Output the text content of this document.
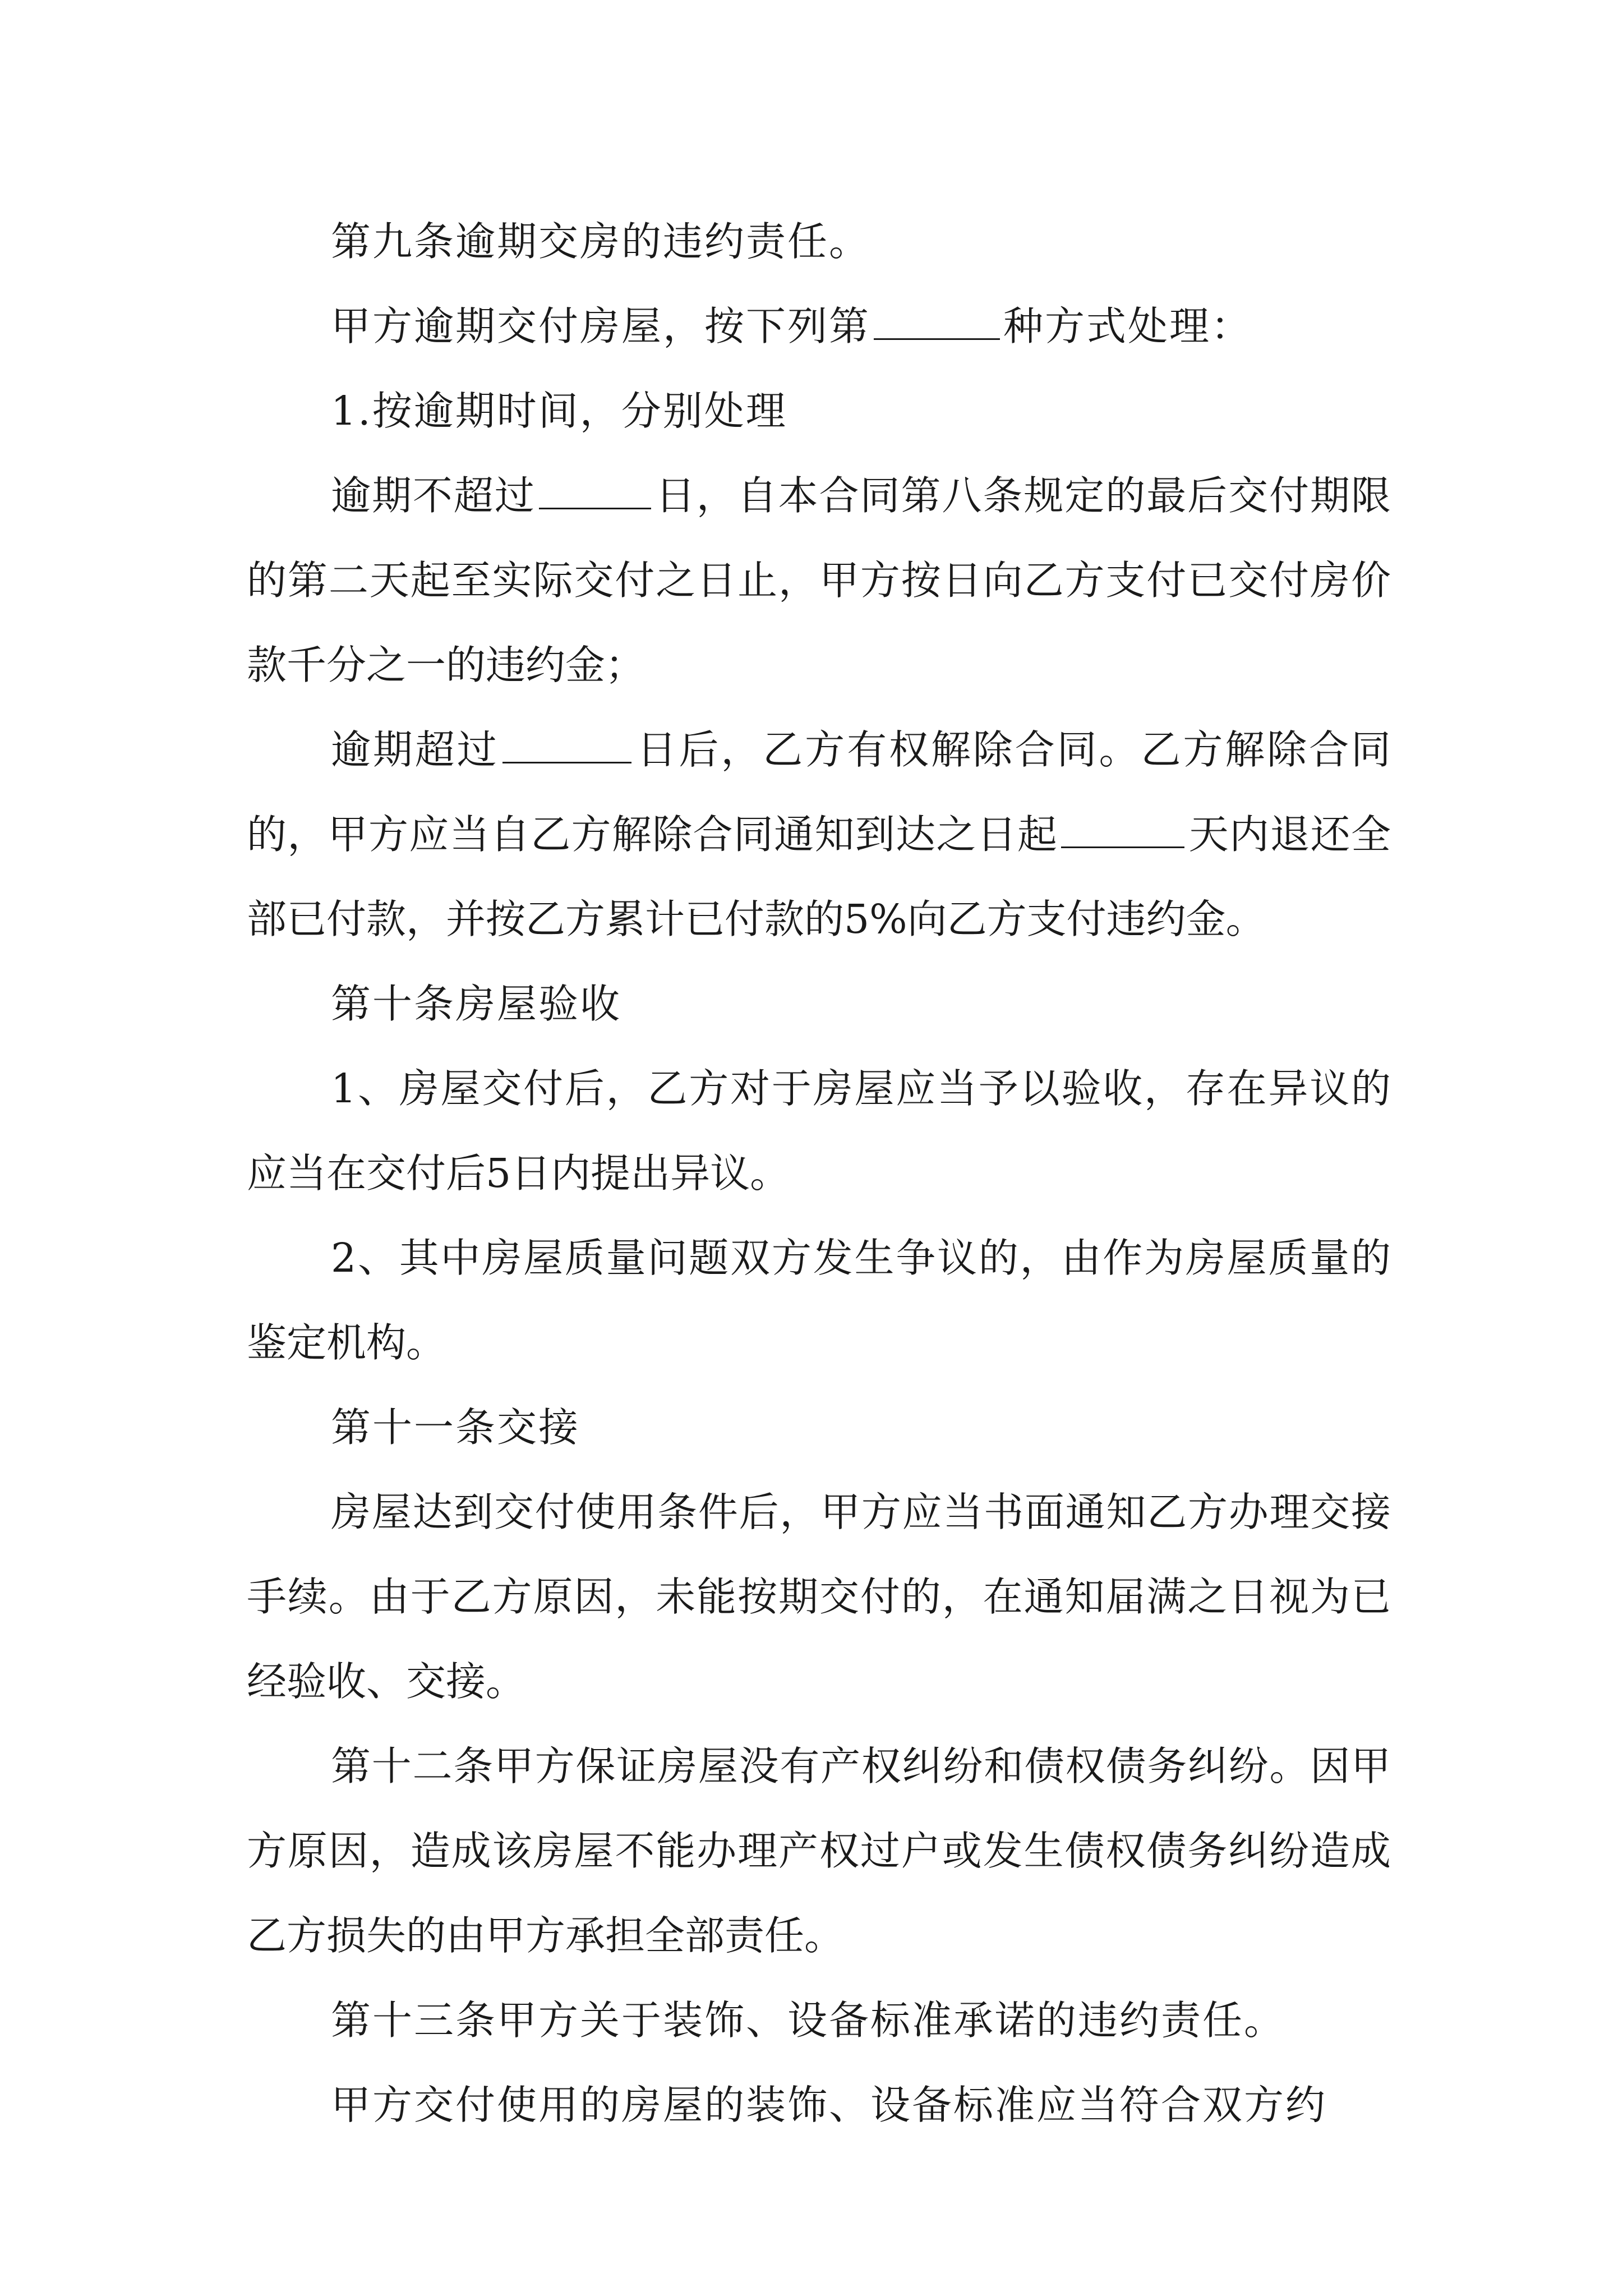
第九条逾期交房的违约责任。

甲方逾期交付房屋，按下列第	种方式处理：

1.按逾期时间，分别处理

逾期不超过	日，自本合同第八条规定的最后交付期限的第二天起至实际交付之日止，甲方按日向乙方支付已交付房价款千分之一的违约金；

逾期超过	日后，乙方有权解除合同。乙方解除合同的，甲方应当自乙方解除合同通知到达之日起	天内退还全部已付款，并按乙方累计已付款的5%向乙方支付违约金。

第十条房屋验收

1、房屋交付后，乙方对于房屋应当予以验收，存在异议的应当在交付后5日内提出异议。

2、其中房屋质量问题双方发生争议的，由作为房屋质量的鉴定机构。

第十一条交接

房屋达到交付使用条件后，甲方应当书面通知乙方办理交接手续。由于乙方原因，未能按期交付的，在通知届满之日视为已经验收、交接。

第十二条甲方保证房屋没有产权纠纷和债权债务纠纷。因甲方原因，造成该房屋不能办理产权过户或发生债权债务纠纷造成乙方损失的由甲方承担全部责任。

第十三条甲方关于装饰、设备标准承诺的违约责任。

甲方交付使用的房屋的装饰、设备标准应当符合双方约
